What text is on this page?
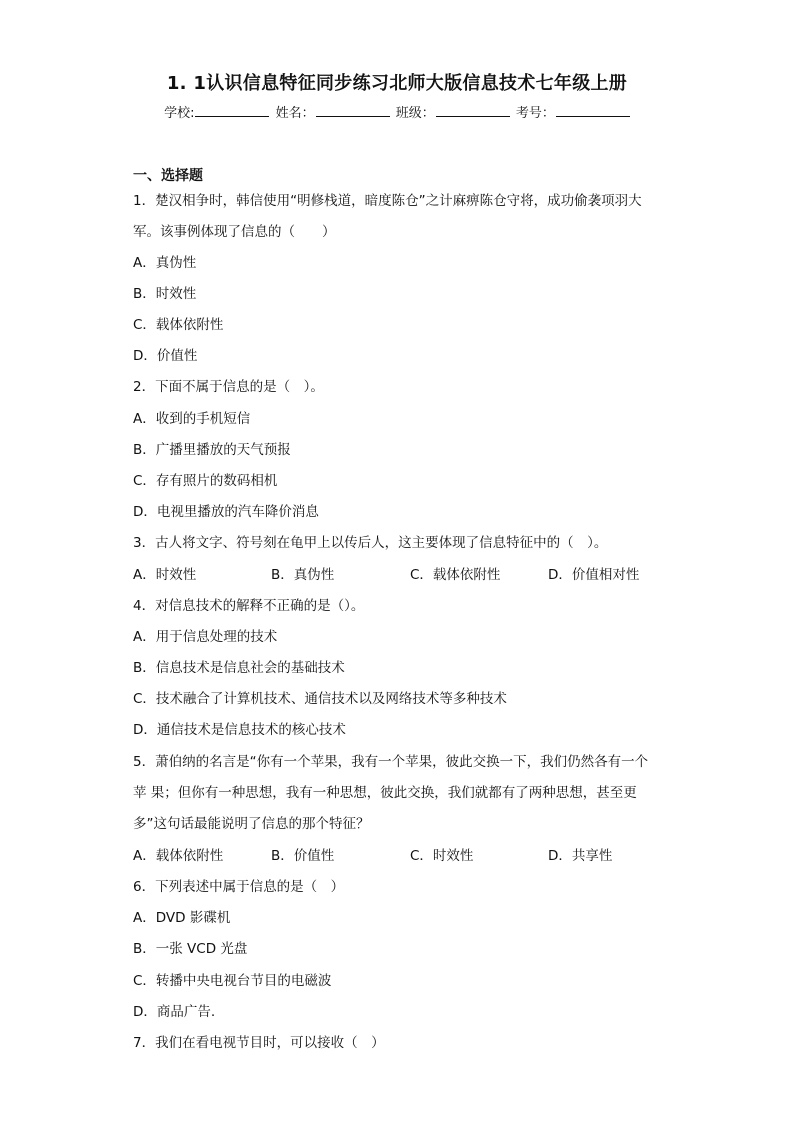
1. 1认识信息特征同步练习北师大版信息技术七年级上册
学校:	姓名：	班级：	考号：
一、选择题
1．楚汉相争时，韩信使用“明修栈道，暗度陈仓”之计麻痹陈仓守将，成功偷袭项羽大
军。该事例体现了信息的（　　）
A．真伪性
B．时效性
C．载体依附性
D．价值性
2．下面不属于信息的是（　）。
A．收到的手机短信
B．广播里播放的天气预报
C．存有照片的数码相机
D．电视里播放的汽车降价消息
3．古人将文字、符号刻在龟甲上以传后人，这主要体现了信息特征中的（　）。
A．时效性	B．真伪性	C．载体依附性	D．价值相对性
4．对信息技术的解释不正确的是（）。
A．用于信息处理的技术
B．信息技术是信息社会的基础技术
C．技术融合了计算机技术、通信技术以及网络技术等多种技术
D．通信技术是信息技术的核心技术
5．萧伯纳的名言是“你有一个苹果，我有一个苹果，彼此交换一下，我们仍然各有一个
苹 果；但你有一种思想，我有一种思想，彼此交换，我们就都有了两种思想，甚至更
多”这句话最能说明了信息的那个特征？
A．载体依附性	B．价值性	C．时效性	D．共享性
6．下列表述中属于信息的是（　）
A．DVD 影碟机
B．一张 VCD 光盘
C．转播中央电视台节目的电磁波
D．商品广告.
7．我们在看电视节目时，可以接收（　）
